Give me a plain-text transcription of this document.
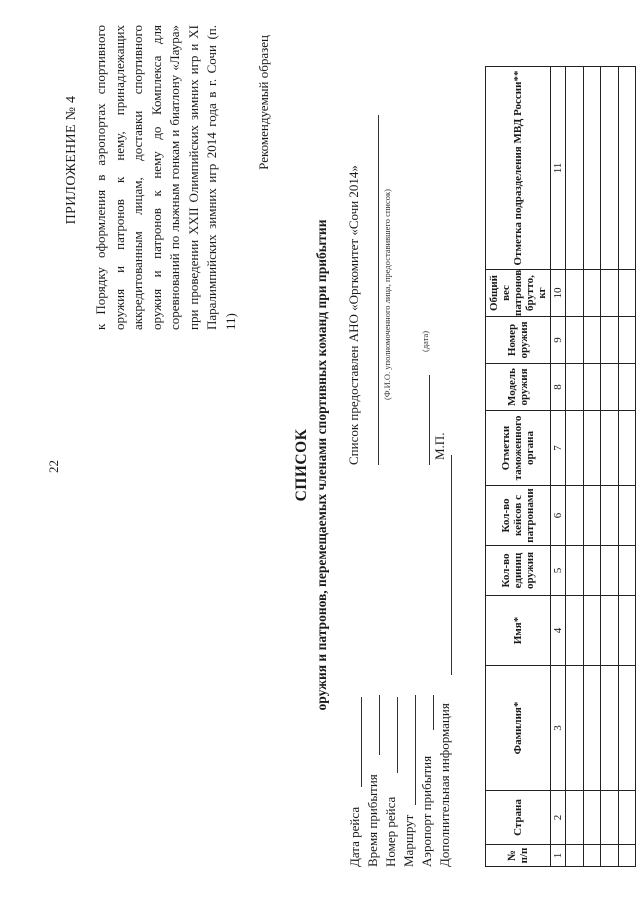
22
ПРИЛОЖЕНИЕ № 4 к Порядку оформления в аэропортах спортивного оружия и патронов к нему, принадлежащих аккредитованным лицам, доставки спортивного оружия и патронов к нему до Комплекса для соревнований по лыжным гонкам и биатлону «Лаура» при проведении XXII Олимпийских зимних игр и XI Паралимпийских зимних игр 2014 года в г. Сочи (п. 11)
Рекомендуемый образец
СПИСОК оружия и патронов, перемещаемых членами спортивных команд при прибытии
Дата рейса Время прибытия Номер рейса Маршрут Аэропорт прибытия Дополнительная информация
Список предоставлен АНО «Оргкомитет «Сочи 2014» (Ф.И.О. уполномоченного лица, предоставившего список)	(дата)
М.П.
№ п/п	Страна	Фамилия*	Имя*	Кол-во единиц оружия	Кол-во кейсов с патронами	Отметки таможенного органа	Модель оружия	Номер оружия	Общий вес патронов брутто, кг	Отметка подразделения МВД России**
1	2	3	4	5	6	7	8	9	10	11
